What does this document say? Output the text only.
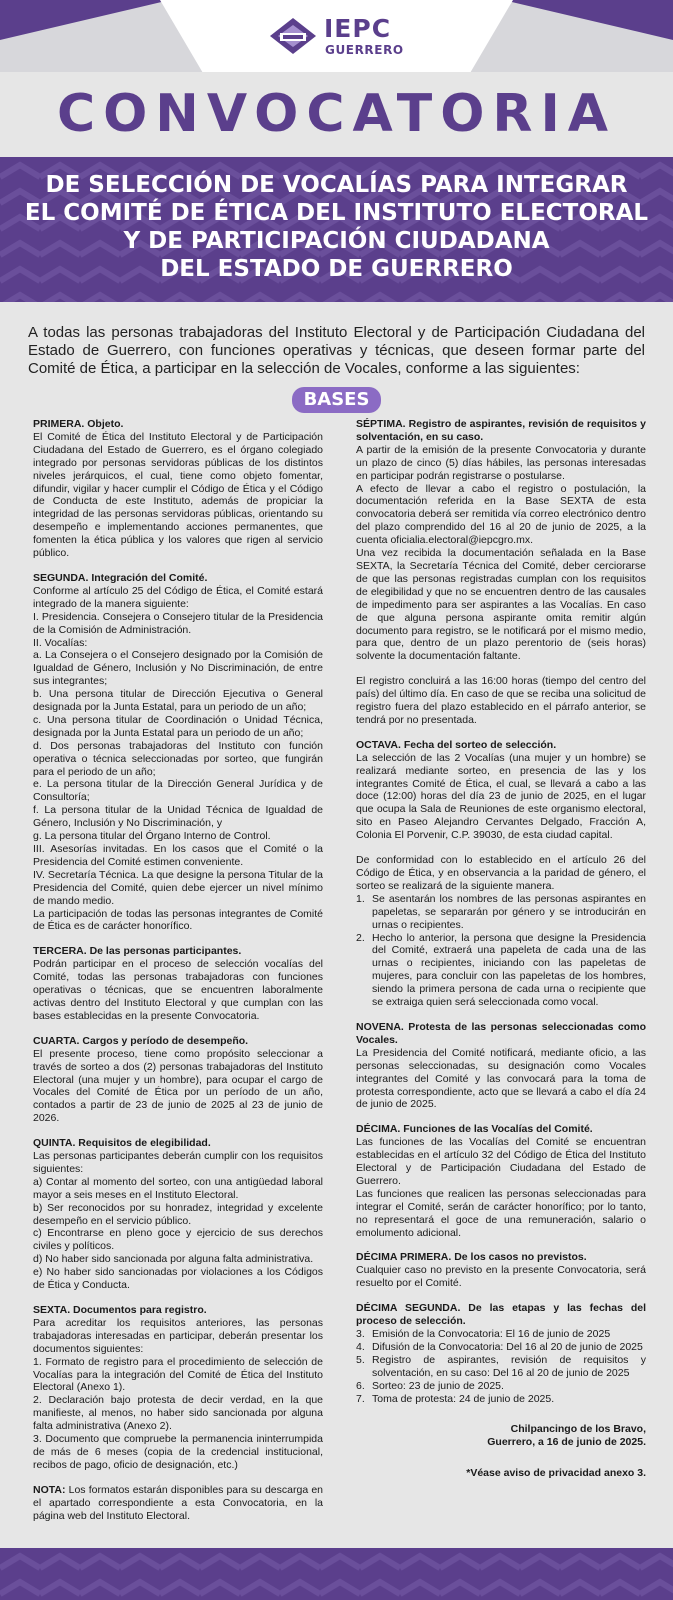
IEPC
GUERRERO
CONVOCATORIA
DE SELECCIÓN DE VOCALÍAS PARA INTEGRAR
EL COMITÉ DE ÉTICA DEL INSTITUTO ELECTORAL
Y DE PARTICIPACIÓN CIUDADANA
DEL ESTADO DE GUERRERO
A todas las personas trabajadoras del Instituto Electoral y de Participación Ciudadana del Estado de Guerrero, con funciones operativas y técnicas, que deseen formar parte del Comité de Ética, a participar en la selección de Vocales, conforme a las siguientes:
BASES
PRIMERA. Objeto.

El Comité de Ética del Instituto Electoral y de Participación Ciudadana del Estado de Guerrero, es el órgano colegiado integrado por personas servidoras públicas de los distintos niveles jerárquicos, el cual, tiene como objeto fomentar, difundir, vigilar y hacer cumplir el Código de Ética y el Código de Conducta de este Instituto, además de propiciar la integridad de las personas servidoras públicas, orientando su desempeño e implementando acciones permanentes, que fomenten la ética pública y los valores que rigen al servicio público.

SEGUNDA. Integración del Comité.

Conforme al artículo 25 del Código de Ética, el Comité estará integrado de la manera siguiente:

I. Presidencia. Consejera o Consejero titular de la Presidencia de la Comisión de Administración.

II. Vocalías:

a. La Consejera o el Consejero designado por la Comisión de Igualdad de Género, Inclusión y No Discriminación, de entre sus integrantes;

b. Una persona titular de Dirección Ejecutiva o General designada por la Junta Estatal, para un periodo de un año;

c. Una persona titular de Coordinación o Unidad Técnica, designada por la Junta Estatal para un periodo de un año;

d. Dos personas trabajadoras del Instituto con función operativa o técnica seleccionadas por sorteo, que fungirán para el periodo de un año;

e. La persona titular de la Dirección General Jurídica y de Consultoría;

f. La persona titular de la Unidad Técnica de Igualdad de Género, Inclusión y No Discriminación, y

g. La persona titular del Órgano Interno de Control.

III. Asesorías invitadas. En los casos que el Comité o la Presidencia del Comité estimen conveniente.

IV. Secretaría Técnica. La que designe la persona Titular de la Presidencia del Comité, quien debe ejercer un nivel mínimo de mando medio.

La participación de todas las personas integrantes de Comité de Ética es de carácter honorífico.

TERCERA. De las personas participantes.

Podrán participar en el proceso de selección vocalías del Comité, todas las personas trabajadoras con funciones operativas o técnicas, que se encuentren laboralmente activas dentro del Instituto Electoral y que cumplan con las bases establecidas en la presente Convocatoria.

CUARTA. Cargos y período de desempeño.

El presente proceso, tiene como propósito seleccionar a través de sorteo a dos (2) personas trabajadoras del Instituto Electoral (una mujer y un hombre), para ocupar el cargo de Vocales del Comité de Ética por un período de un año, contados a partir de 23 de junio de 2025 al 23 de junio de 2026.

QUINTA. Requisitos de elegibilidad.

Las personas participantes deberán cumplir con los requisitos siguientes:

a) Contar al momento del sorteo, con una antigüedad laboral mayor a seis meses en el Instituto Electoral.

b) Ser reconocidos por su honradez, integridad y excelente desempeño en el servicio público.

c) Encontrarse en pleno goce y ejercicio de sus derechos civiles y políticos.

d) No haber sido sancionada por alguna falta administrativa.

e) No haber sido sancionadas por violaciones a los Códigos de Ética y Conducta.

SEXTA. Documentos para registro.

Para acreditar los requisitos anteriores, las personas trabajadoras interesadas en participar, deberán presentar los documentos siguientes:

1. Formato de registro para el procedimiento de selección de Vocalías para la integración del Comité de Ética del Instituto Electoral (Anexo 1).

2. Declaración bajo protesta de decir verdad, en la que manifieste, al menos, no haber sido sancionada por alguna falta administrativa (Anexo 2).

3. Documento que compruebe la permanencia ininterrumpida de más de 6 meses (copia de la credencial institucional, recibos de pago, oficio de designación, etc.)

NOTA: Los formatos estarán disponibles para su descarga en el apartado correspondiente a esta Convocatoria, en la página web del Instituto Electoral.

SÉPTIMA. Registro de aspirantes, revisión de requisitos y solventación, en su caso.

A partir de la emisión de la presente Convocatoria y durante un plazo de cinco (5) días hábiles, las personas interesadas en participar podrán registrarse o postularse.

A efecto de llevar a cabo el registro o postulación, la documentación referida en la Base SEXTA de esta convocatoria deberá ser remitida vía correo electrónico dentro del plazo comprendido del 16 al 20 de junio de 2025, a la cuenta oficialia.electoral@iepcgro.mx.

Una vez recibida la documentación señalada en la Base SEXTA, la Secretaría Técnica del Comité, deber cerciorarse de que las personas registradas cumplan con los requisitos de elegibilidad y que no se encuentren dentro de las causales de impedimento para ser aspirantes a las Vocalías. En caso de que alguna persona aspirante omita remitir algún documento para registro, se le notificará por el mismo medio, para que, dentro de un plazo perentorio de (seis horas) solvente la documentación faltante.

El registro concluirá a las 16:00 horas (tiempo del centro del país) del último día. En caso de que se reciba una solicitud de registro fuera del plazo establecido en el párrafo anterior, se tendrá por no presentada.

OCTAVA. Fecha del sorteo de selección.

La selección de las 2 Vocalías (una mujer y un hombre) se realizará mediante sorteo, en presencia de las y los integrantes Comité de Ética, el cual, se llevará a cabo a las doce (12:00) horas del día 23 de junio de 2025, en el lugar que ocupa la Sala de Reuniones de este organismo electoral, sito en Paseo Alejandro Cervantes Delgado, Fracción A, Colonia El Porvenir, C.P. 39030, de esta ciudad capital.

De conformidad con lo establecido en el artículo 26 del Código de Ética, y en observancia a la paridad de género, el sorteo se realizará de la siguiente manera.

1. Se asentarán los nombres de las personas aspirantes en papeletas, se separarán por género y se introducirán en urnas o recipientes.
2. Hecho lo anterior, la persona que designe la Presidencia del Comité, extraerá una papeleta de cada una de las urnas o recipientes, iniciando con las papeletas de mujeres, para concluir con las papeletas de los hombres, siendo la primera persona de cada urna o recipiente que se extraiga quien será seleccionada como vocal.
NOVENA. Protesta de las personas seleccionadas como Vocales.

La Presidencia del Comité notificará, mediante oficio, a las personas seleccionadas, su designación como Vocales integrantes del Comité y las convocará para la toma de protesta correspondiente, acto que se llevará a cabo el día 24 de junio de 2025.

DÉCIMA. Funciones de las Vocalías del Comité.

Las funciones de las Vocalías del Comité se encuentran establecidas en el artículo 32 del Código de Ética del Instituto Electoral y de Participación Ciudadana del Estado de Guerrero.

Las funciones que realicen las personas seleccionadas para integrar el Comité, serán de carácter honorífico; por lo tanto, no representará el goce de una remuneración, salario o emolumento adicional.

DÉCIMA PRIMERA. De los casos no previstos.

Cualquier caso no previsto en la presente Convocatoria, será resuelto por el Comité.

DÉCIMA SEGUNDA. De las etapas y las fechas del proceso de selección.
3. Emisión de la Convocatoria: El 16 de junio de 2025
4. Difusión de la Convocatoria: Del 16 al 20 de junio de 2025
5. Registro de aspirantes, revisión de requisitos y solventación, en su caso: Del 16 al 20 de junio de 2025
6. Sorteo: 23 de junio de 2025.
7. Toma de protesta: 24 de junio de 2025.
Chilpancingo de los Bravo,
Guerrero, a 16 de junio de 2025.
*Véase aviso de privacidad anexo 3.
